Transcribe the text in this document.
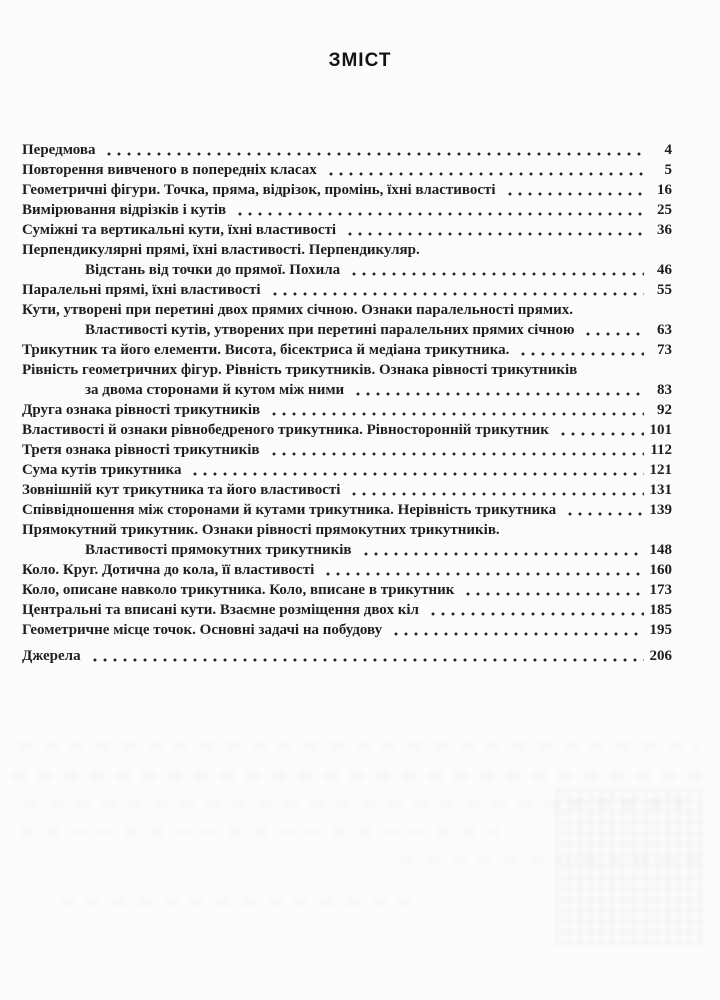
ЗМІСТ
Передмова	4
Повторення вивченого в попередніх класах	5
Геометричні фігури. Точка, пряма, відрізок, промінь, їхні властивості	16
Вимірювання відрізків і кутів	25
Суміжні та вертикальні кути, їхні властивості	36
Перпендикулярні прямі, їхні властивості. Перпендикуляр.
Відстань від точки до прямої. Похила	46
Паралельні прямі, їхні властивості	55
Кути, утворені при перетині двох прямих січною. Ознаки паралельності прямих.
Властивості кутів, утворених при перетині паралельних прямих січною	63
Трикутник та його елементи. Висота, бісектриса й медіана трикутника.	73
Рівність геометричних фігур. Рівність трикутників. Ознака рівності трикутників
за двома сторонами й кутом між ними	83
Друга ознака рівності трикутників	92
Властивості й ознаки рівнобедреного трикутника. Рівносторонній трикутник	101
Третя ознака рівності трикутників	112
Сума кутів трикутника	121
Зовнішній кут трикутника та його властивості	131
Співвідношення між сторонами й кутами трикутника. Нерівність трикутника	139
Прямокутний трикутник. Ознаки рівності прямокутних трикутників.
Властивості прямокутних трикутників	148
Коло. Круг. Дотична до кола, її властивості	160
Коло, описане навколо трикутника. Коло, вписане в трикутник	173
Центральні та вписані кути. Взаємне розміщення двох кіл	185
Геометричне місце точок. Основні задачі на побудову	195
Джерела	206
